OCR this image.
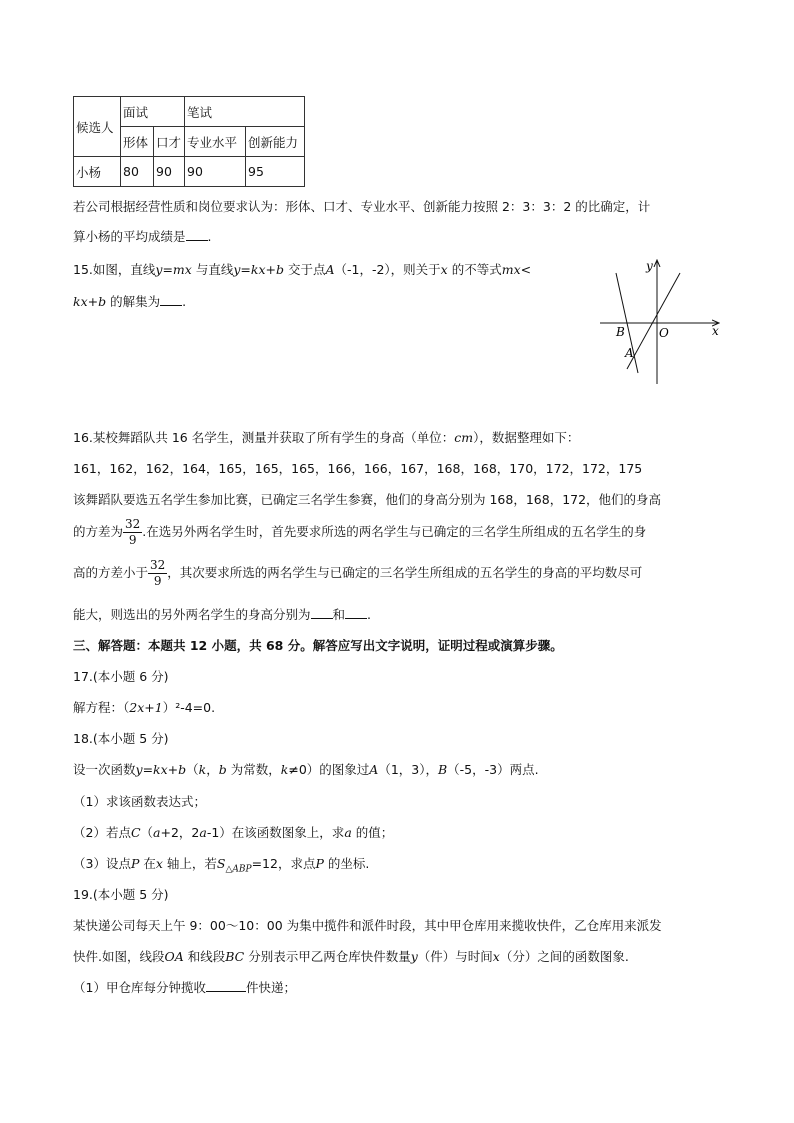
候选人	面试		笔试	
	形体	口才	专业水平	创新能力
小杨	80	90	90	95
若公司根据经营性质和岗位要求认为：形体、口才、专业水平、创新能力按照 2：3：3：2 的比确定，计
算小杨的平均成绩是 .
15.如图，直线y=mx 与直线y=kx+b 交于点A（-1，-2），则关于x 的不等式mx<
kx+b 的解集为 .
y
x
O
B
A
16.某校舞蹈队共 16 名学生，测量并获取了所有学生的身高（单位：cm），数据整理如下：
161，162，162，164，165，165，165，166，166，167，168，168，170，172，172，175
该舞蹈队要选五名学生参加比赛，已确定三名学生参赛，他们的身高分别为 168，168，172，他们的身高
的方差为 $\frac{32}{9}$ .在选另外两名学生时，首先要求所选的两名学生与已确定的三名学生所组成的五名学生的身
高的方差小于 $\frac{32}{9}$ ，其次要求所选的两名学生与已确定的三名学生所组成的五名学生的身高的平均数尽可
能大，则选出的另外两名学生的身高分别为 和 .
三、解答题：本题共 12 小题，共 68 分。解答应写出文字说明，证明过程或演算步骤。
17.(本小题 6 分)
解方程：（2x+1）²-4=0.
18.(本小题 5 分)
设一次函数y=kx+b（k，b 为常数，k≠0）的图象过A（1，3），B（-5，-3）两点.
（1）求该函数表达式；
（2）若点C（a+2，2a-1）在该函数图象上，求a 的值；
（3）设点P 在x 轴上，若$S_{\triangle ABP}=12$，求点P 的坐标.
19.(本小题 5 分)
某快递公司每天上午 9：00～10：00 为集中揽件和派件时段，其中甲仓库用来揽收快件，乙仓库用来派发
快件.如图，线段OA 和线段BC 分别表示甲乙两仓库快件数量y（件）与时间x（分）之间的函数图象.
（1）甲仓库每分钟揽收	件快递；
